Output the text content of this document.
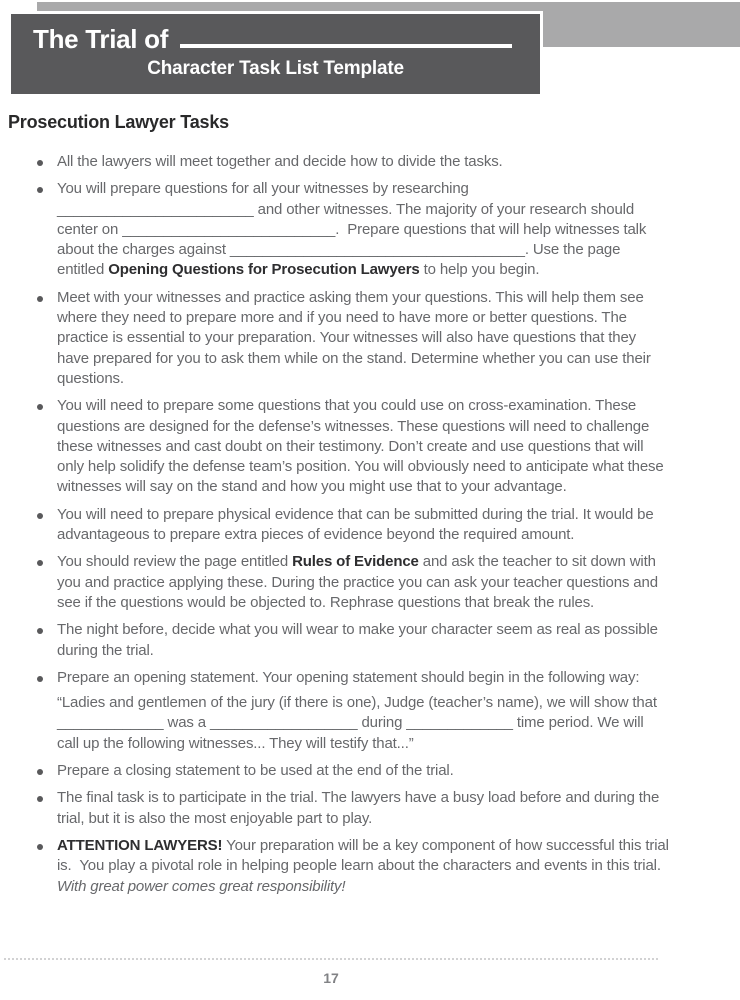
The Trial of
Character Task List Template
Prosecution Lawyer Tasks

All the lawyers will meet together and decide how to divide the tasks.

You will prepare questions for all your witnesses by researching ________________________ and other witnesses. The majority of your research should center on __________________________.  Prepare questions that will help witnesses talk about the charges against ____________________________________. Use the page entitled Opening Questions for Prosecution Lawyers to help you begin.

Meet with your witnesses and practice asking them your questions. This will help them see where they need to prepare more and if you need to have more or better questions. The practice is essential to your preparation. Your witnesses will also have questions that they have prepared for you to ask them while on the stand. Determine whether you can use their questions.

You will need to prepare some questions that you could use on cross-examination. These questions are designed for the defense’s witnesses. These questions will need to challenge these witnesses and cast doubt on their testimony. Don’t create and use questions that will only help solidify the defense team’s position. You will obviously need to anticipate what these witnesses will say on the stand and how you might use that to your advantage.

You will need to prepare physical evidence that can be submitted during the trial. It would be advantageous to prepare extra pieces of evidence beyond the required amount.

You should review the page entitled Rules of Evidence and ask the teacher to sit down with you and practice applying these. During the practice you can ask your teacher questions and see if the questions would be objected to. Rephrase questions that break the rules.

The night before, decide what you will wear to make your character seem as real as possible during the trial.

Prepare an opening statement. Your opening statement should begin in the following way:

“Ladies and gentlemen of the jury (if there is one), Judge (teacher’s name), we will show that _____________ was a __________________ during _____________ time period. We will call up the following witnesses... They will testify that...”

Prepare a closing statement to be used at the end of the trial.

The final task is to participate in the trial. The lawyers have a busy load before and during the trial, but it is also the most enjoyable part to play.

ATTENTION LAWYERS! Your preparation will be a key component of how successful this trial is.  You play a pivotal role in helping people learn about the characters and events in this trial. With great power comes great responsibility!

17
